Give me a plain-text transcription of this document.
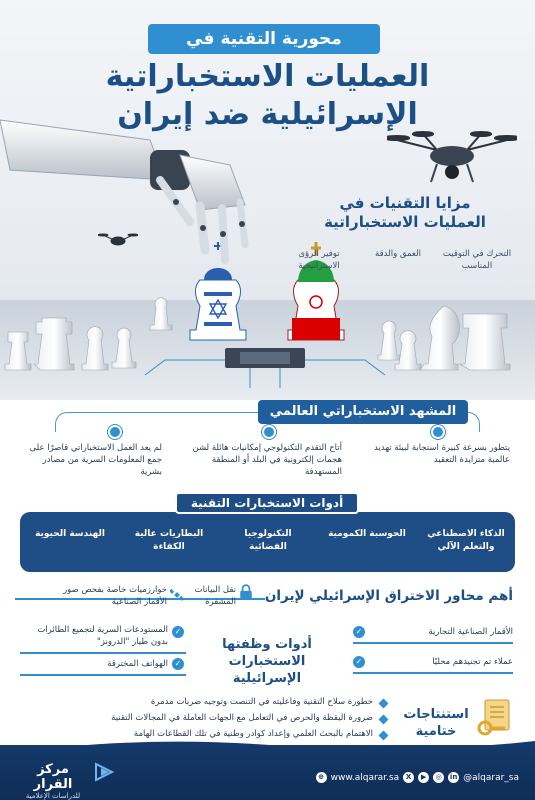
محورية التقنية في
العمليات الاستخباراتية
الإسرائيلية ضد إيران
مزايا التقنيات في
العمليات الاستخباراتية
التحرك في التوقيت المناسب
العمق والدقة
توفير الرؤى الاستراتيجية
المشهد الاستخباراتي العالمي
يتطور بسرعة كبيرة استجابة لبيئة تهديد عالمية متزايدة التعقيد
أتاح التقدم التكنولوجي إمكانيات هائلة لشن هجمات إلكترونية في البلد أو المنطقة المستهدفة
لم يعد العمل الاستخباراتي قاصرًا على جمع المعلومات السرية من مصادر بشرية
أدوات الاستخبارات التقنية
الذكاء الاصطناعي والتعلم الآلي
الحوسبة الكمومية
التكنولوجيا الفضائية
البطاريات عالية الكفاءة
الهندسة الحيوية
أهم محاور الاختراق الإسرائيلي لإيران
نقل البيانات المشفرة
خوارزميات خاصة بفحص صور الأقمار الصناعية
أدوات وظفتها
الاستخبارات الإسرائيلية
✓	الأقمار الصناعية التجارية
✓	عملاء تم تجنيدهم محليًا
✓
المستودعات السرية لتجميع الطائرات بدون طيار "الدرونز"
✓
الهواتف المخترقة
استنتاجات
ختامية
خطورة سلاح التقنية وفاعليته في التنصت وتوجيه ضربات مدمرة
ضرورة اليقظة والحرص في التعامل مع الجهات العاملة في المجالات التقنية
الاهتمام بالبحث العلمي وإعداد كوادر وطنية في تلك القطاعات الهامة
مركز القرار
للدراسات الإعلامية
⊕ www.alqarar.sa X	▶	◎	in @alqarar_sa
